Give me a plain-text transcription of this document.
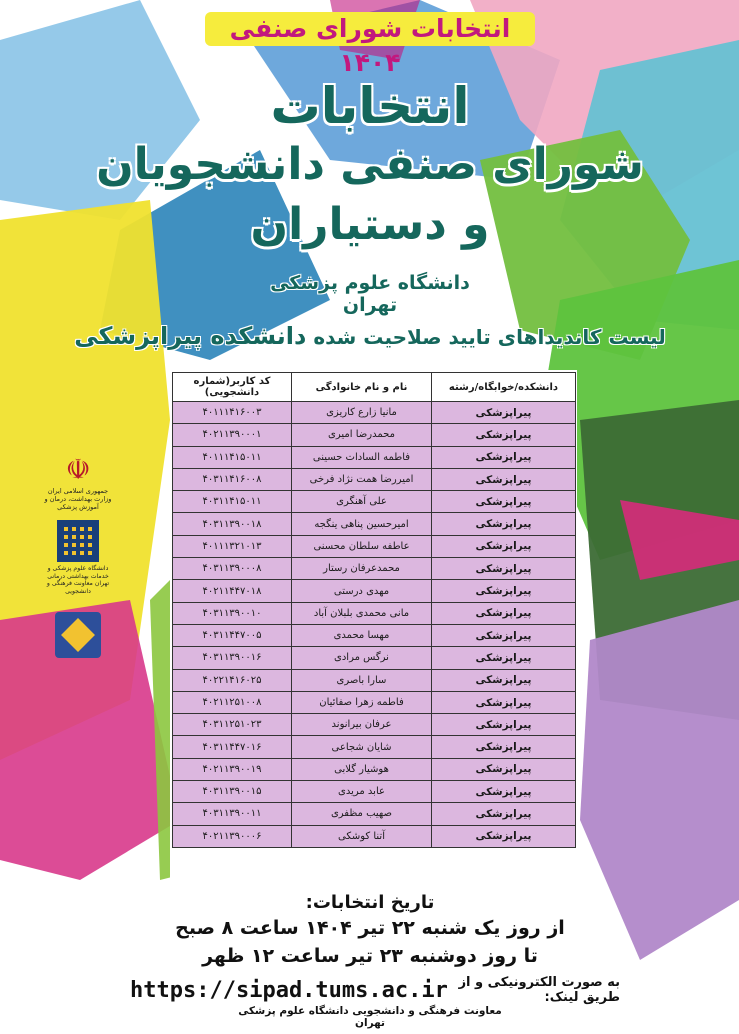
انتخابات شورای صنفی ۱۴۰۴
انتخابات
شورای صنفی دانشجویان
و دستیاران
دانشگاه علوم پزشکی تهران
لیست کاندیداهای تایید صلاحیت شده دانشکده پیراپزشکی
دانشکده/خوابگاه/رشته	نام و نام خانوادگی	کد کاربر(شماره دانشجویی)
پیراپزشکی	مانیا زارع کاریزی	۴۰۱۱۱۴۱۶۰۰۳
پیراپزشکی	محمدرضا امیری	۴۰۲۱۱۳۹۰۰۰۱
پیراپزشکی	فاطمه السادات حسینی	۴۰۱۱۱۴۱۵۰۱۱
پیراپزشکی	امیررضا همت نژاد فرخی	۴۰۳۱۱۴۱۶۰۰۸
پیراپزشکی	علی آهنگری	۴۰۳۱۱۴۱۵۰۱۱
پیراپزشکی	امیرحسین پناهی ینگجه	۴۰۳۱۱۳۹۰۰۱۸
پیراپزشکی	عاطفه سلطان محسنی	۴۰۱۱۱۳۲۱۰۱۳
پیراپزشکی	محمدعرفان رستار	۴۰۳۱۱۳۹۰۰۰۸
پیراپزشکی	مهدی درستی	۴۰۲۱۱۴۴۷۰۱۸
پیراپزشکی	مانی محمدی بلبلان آباد	۴۰۳۱۱۳۹۰۰۱۰
پیراپزشکی	مهسا محمدی	۴۰۳۱۱۴۴۷۰۰۵
پیراپزشکی	نرگس مرادی	۴۰۳۱۱۳۹۰۰۱۶
پیراپزشکی	سارا باصری	۴۰۲۲۱۴۱۶۰۲۵
پیراپزشکی	فاطمه زهرا صفائیان	۴۰۲۱۱۲۵۱۰۰۸
پیراپزشکی	عرفان بیرانوند	۴۰۳۱۱۲۵۱۰۲۳
پیراپزشکی	شایان شجاعی	۴۰۳۱۱۴۴۷۰۱۶
پیراپزشکی	هوشیار گلابی	۴۰۲۱۱۳۹۰۰۱۹
پیراپزشکی	عابد مریدی	۴۰۳۱۱۳۹۰۰۱۵
پیراپزشکی	صهیب مظفری	۴۰۳۱۱۳۹۰۰۱۱
پیراپزشکی	آتنا کوشکی	۴۰۲۱۱۳۹۰۰۰۶
تاریخ انتخابات:
از روز یک شنبه ۲۲ تیر ۱۴۰۴ ساعت ۸ صبح
تا روز دوشنبه ۲۳ تیر ساعت ۱۲ ظهر
به صورت الکترونیکی و از طریق لینک:
https://sipad.tums.ac.ir
معاونت فرهنگی و دانشجویی دانشگاه علوم پزشکی تهران
☫
جمهوری اسلامی ایران وزارت بهداشت، درمان و آموزش پزشکی
دانشگاه علوم پزشکی و خدمات بهداشتی درمانی تهران معاونت فرهنگی و دانشجویی
